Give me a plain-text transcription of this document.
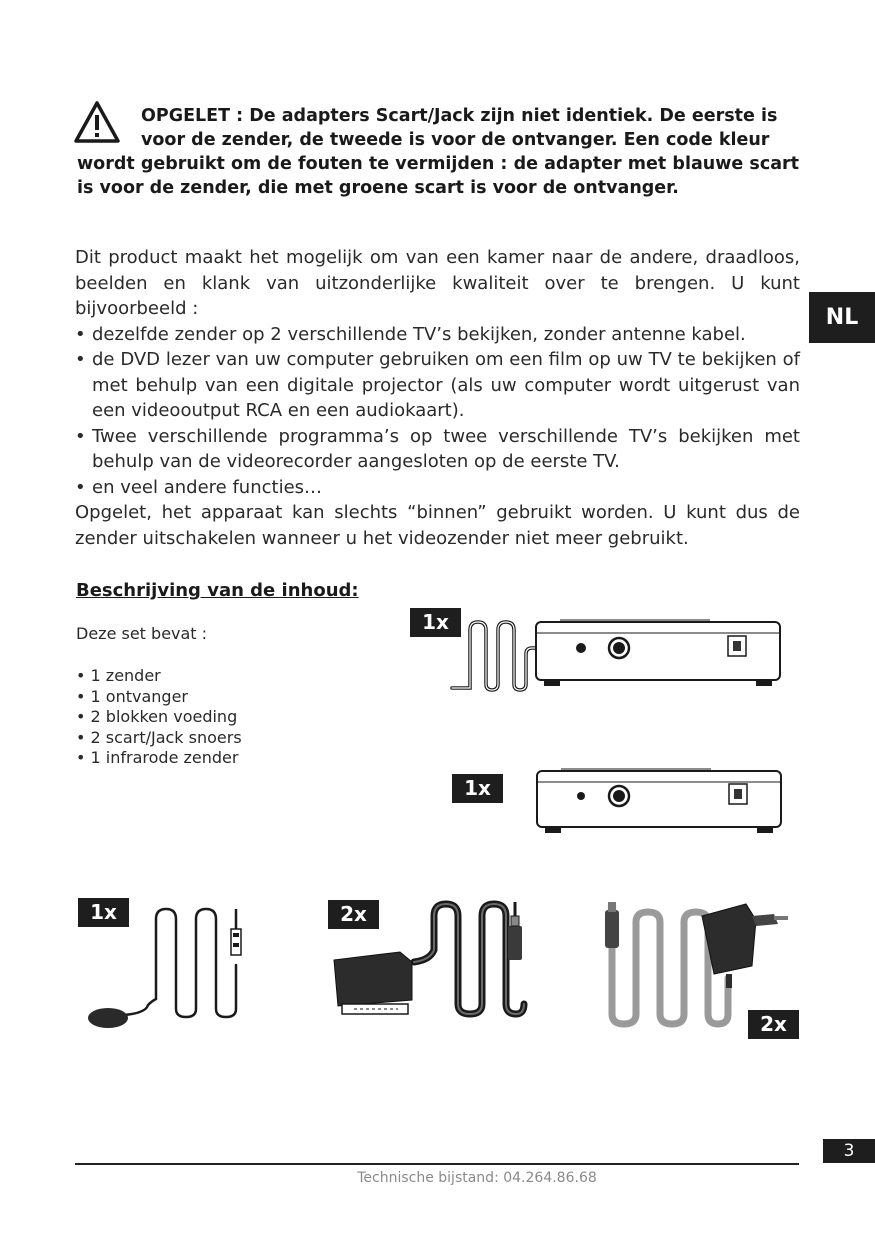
OPGELET : De adapters Scart/Jack zijn niet identiek. De eerste is
voor de zender, de tweede is voor de ontvanger. Een code kleur
wordt gebruikt om de fouten te vermijden : de adapter met blauwe scart is voor de zender, die met groene scart is voor de ontvanger.

Dit product maakt het mogelijk om van een kamer naar de andere, draadloos, beelden en klank van uitzonderlijke kwaliteit over te brengen. U kunt bijvoorbeeld :

• dezelfde zender op 2 verschillende TV’s bekijken, zonder antenne kabel.
• de DVD lezer van uw computer gebruiken om een film op uw TV te bekijken of met behulp van een digitale projector (als uw computer wordt uitgerust van een videooutput RCA en een audiokaart).
• Twee verschillende programma’s op twee verschillende TV’s bekijken met behulp van de videorecorder aangesloten op de eerste TV.
• en veel andere functies…

Opgelet, het apparaat kan slechts “binnen” gebruikt worden. U kunt dus de zender uitschakelen wanneer u het videozender niet meer gebruikt.

NL
Beschrijving van de inhoud:
Deze set bevat :
• 1 zender
• 1 ontvanger
• 2 blokken voeding
• 2 scart/Jack snoers
• 1 infrarode zender
1x
1x
1x	2x
2x
3
Technische bijstand: 04.264.86.68
